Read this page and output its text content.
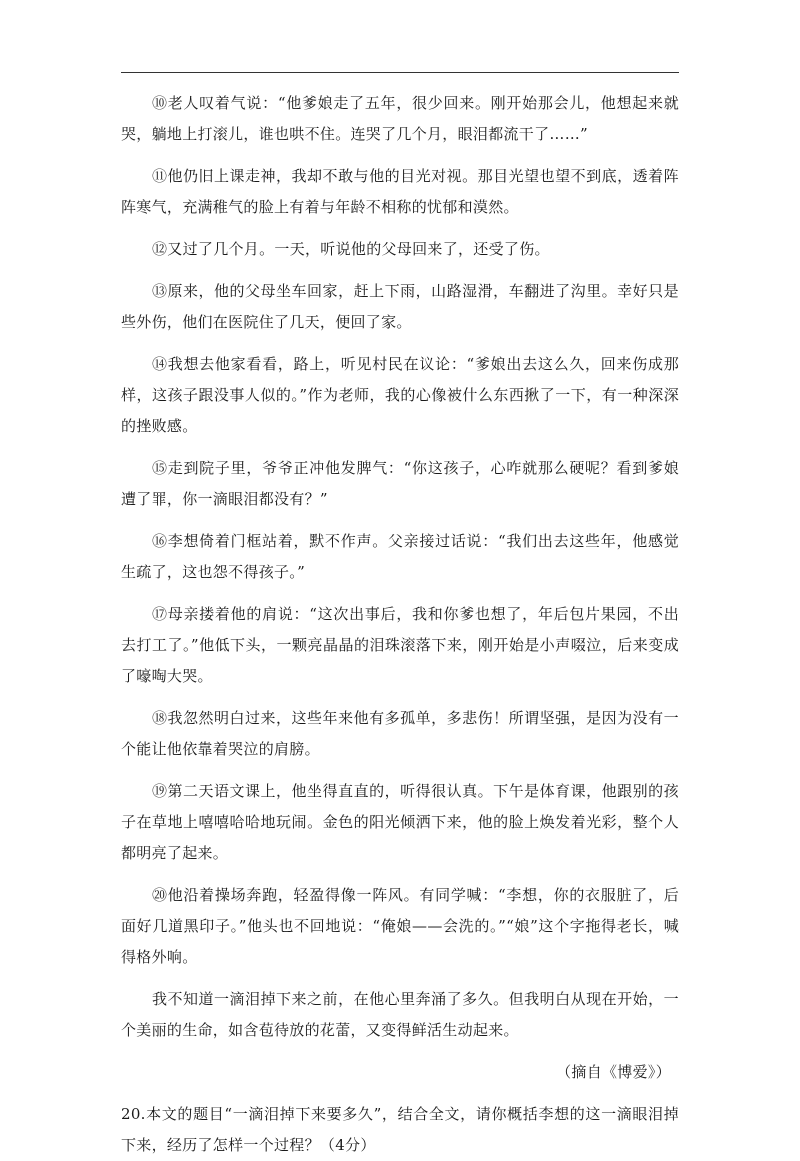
⑩老人叹着气说：“他爹娘走了五年，很少回来。刚开始那会儿，他想起来就哭，躺地上打滚儿，谁也哄不住。连哭了几个月，眼泪都流干了……”

⑪他仍旧上课走神，我却不敢与他的目光对视。那目光望也望不到底，透着阵阵寒气，充满稚气的脸上有着与年龄不相称的忧郁和漠然。

⑫又过了几个月。一天，听说他的父母回来了，还受了伤。

⑬原来，他的父母坐车回家，赶上下雨，山路湿滑，车翻进了沟里。幸好只是些外伤，他们在医院住了几天，便回了家。

⑭我想去他家看看，路上，听见村民在议论：“爹娘出去这么久，回来伤成那样，这孩子跟没事人似的。”作为老师，我的心像被什么东西揪了一下，有一种深深的挫败感。

⑮走到院子里，爷爷正冲他发脾气：“你这孩子，心咋就那么硬呢？看到爹娘遭了罪，你一滴眼泪都没有？”

⑯李想倚着门框站着，默不作声。父亲接过话说：“我们出去这些年，他感觉生疏了，这也怨不得孩子。”

⑰母亲搂着他的肩说：“这次出事后，我和你爹也想了，年后包片果园，不出去打工了。”他低下头，一颗亮晶晶的泪珠滚落下来，刚开始是小声啜泣，后来变成了嚎啕大哭。

⑱我忽然明白过来，这些年来他有多孤单，多悲伤！所谓坚强，是因为没有一个能让他依靠着哭泣的肩膀。

⑲第二天语文课上，他坐得直直的，听得很认真。下午是体育课，他跟别的孩子在草地上嘻嘻哈哈地玩闹。金色的阳光倾洒下来，他的脸上焕发着光彩，整个人都明亮了起来。

⑳他沿着操场奔跑，轻盈得像一阵风。有同学喊：“李想，你的衣服脏了，后面好几道黑印子。”他头也不回地说：“俺娘——会洗的。”“娘”这个字拖得老长，喊得格外响。

我不知道一滴泪掉下来之前，在他心里奔涌了多久。但我明白从现在开始，一个美丽的生命，如含苞待放的花蕾，又变得鲜活生动起来。

（摘自《博爱》）

20.本文的题目“一滴泪掉下来要多久”，结合全文，请你概括李想的这一滴眼泪掉下来，经历了怎样一个过程？（4分）
